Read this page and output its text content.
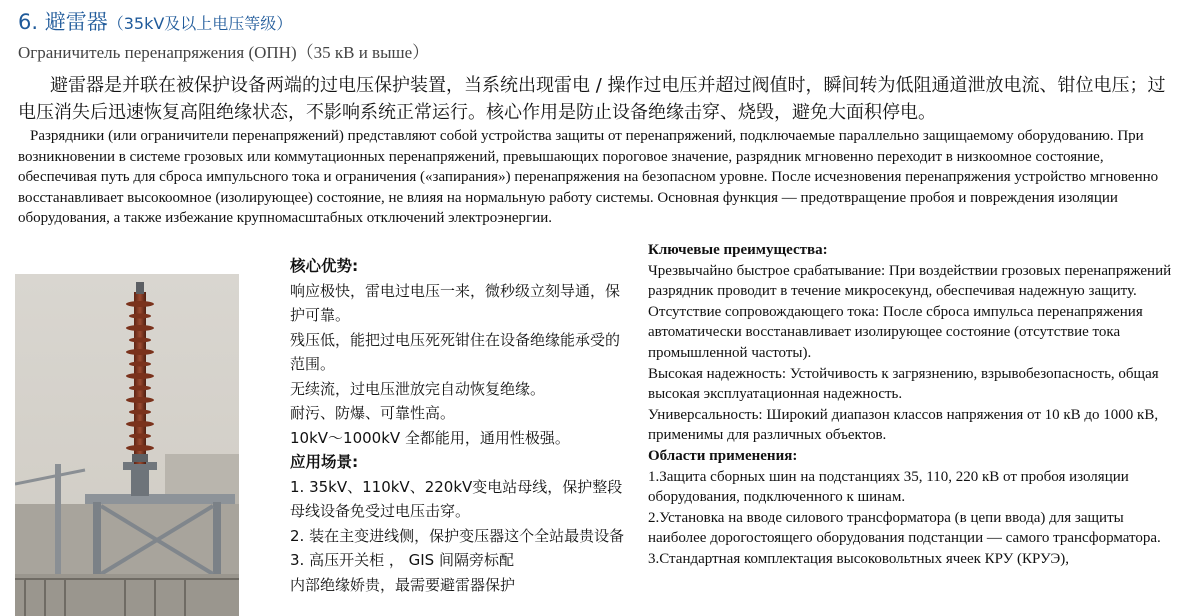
6. 避雷器（35kV及以上电压等级）
Ограничитель перенапряжения (ОПН)（35 кВ и выше）
避雷器是并联在被保护设备两端的过电压保护装置，当系统出现雷电 / 操作过电压并超过阀值时，瞬间转为低阻通道泄放电流、钳位电压；过电压消失后迅速恢复高阻绝缘状态，不影响系统正常运行。核心作用是防止设备绝缘击穿、烧毁，避免大面积停电。
Разрядники (или ограничители перенапряжений) представляют собой устройства защиты от перенапряжений, подключаемые параллельно защищаемому оборудованию. При возникновении в системе грозовых или коммутационных перенапряжений, превышающих пороговое значение, разрядник мгновенно переходит в низкоомное состояние, обеспечивая путь для сброса импульсного тока и ограничения («запирания») перенапряжения на безопасном уровне. После исчезновения перенапряжения устройство мгновенно восстанавливает высокоомное (изолирующее) состояние, не влияя на нормальную работу системы. Основная функция — предотвращение пробоя и повреждения изоляции оборудования, а также избежание крупномасштабных отключений электроэнергии.

核心优势:

响应极快，雷电过电压一来，微秒级立刻导通，保护可靠。

残压低，能把过电压死死钳住在设备绝缘能承受的范围。

无续流，过电压泄放完自动恢复绝缘。

耐污、防爆、可靠性高。

10kV～1000kV 全都能用，通用性极强。

应用场景:

1. 35kV、110kV、220kV变电站母线，保护整段母线设备免受过电压击穿。

2. 装在主变进线侧，保护变压器这个全站最贵设备

3. 高压开关柜 ， GIS 间隔旁标配

内部绝缘娇贵，最需要避雷器保护

Ключевые преимущества:

Чрезвычайно быстрое срабатывание: При воздействии грозовых перенапряжений разрядник проводит в течение микросекунд, обеспечивая надежную защиту.

Отсутствие сопровождающего тока: После сброса импульса перенапряжения автоматически восстанавливает изолирующее состояние (отсутствие тока промышленной частоты).

Высокая надежность: Устойчивость к загрязнению, взрывобезопасность, общая высокая эксплуатационная надежность.

Универсальность: Широкий диапазон классов напряжения от 10 кВ до 1000 кВ, применимы для различных объектов.

Области применения:

1.Защита сборных шин на подстанциях 35, 110, 220 кВ от пробоя изоляции оборудования, подключенного к шинам.

2.Установка на вводе силового трансформатора (в цепи ввода) для защиты наиболее дорогостоящего оборудования подстанции — самого трансформатора.

3.Стандартная комплектация высоковольтных ячеек КРУ (КРУЭ),
